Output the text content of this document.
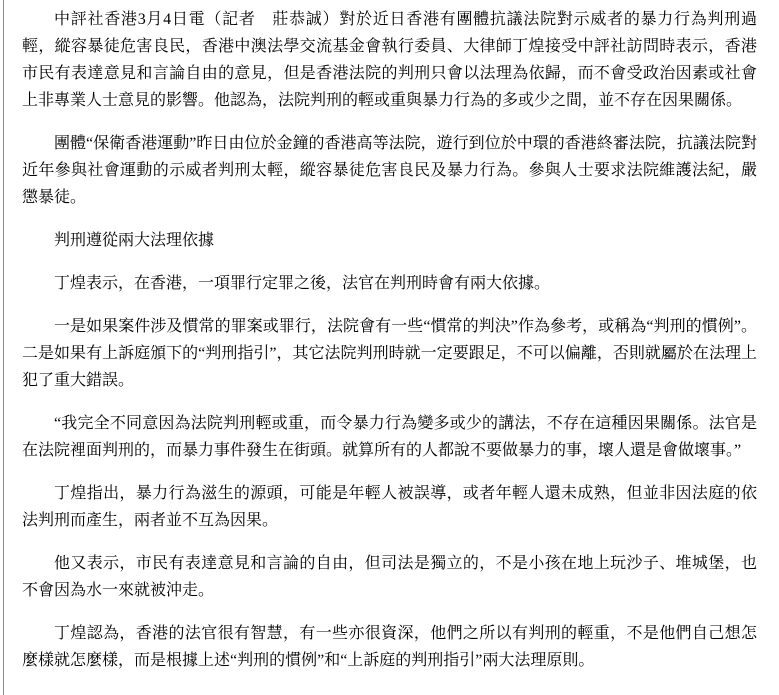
中評社香港3月4日電（記者　莊恭誠）對於近日香港有團體抗議法院對示威者的暴力行為判刑過輕，縱容暴徒危害良民，香港中澳法學交流基金會執行委員、大律師丁煌接受中評社訪問時表示，香港市民有表達意見和言論自由的意見，但是香港法院的判刑只會以法理為依歸，而不會受政治因素或社會上非專業人士意見的影響。他認為，法院判刑的輕或重與暴力行為的多或少之間，並不存在因果關係。

團體“保衛香港運動”昨日由位於金鐘的香港高等法院，遊行到位於中環的香港終審法院，抗議法院對近年參與社會運動的示威者判刑太輕，縱容暴徒危害良民及暴力行為。參與人士要求法院維護法紀，嚴懲暴徒。

判刑遵從兩大法理依據

丁煌表示，在香港，一項罪行定罪之後，法官在判刑時會有兩大依據。

一是如果案件涉及慣常的罪案或罪行，法院會有一些“慣常的判決”作為參考，或稱為“判刑的慣例”。二是如果有上訴庭頒下的“判刑指引”，其它法院判刑時就一定要跟足，不可以偏離，否則就屬於在法理上犯了重大錯誤。

“我完全不同意因為法院判刑輕或重，而令暴力行為變多或少的講法，不存在這種因果關係。法官是在法院裡面判刑的，而暴力事件發生在街頭。就算所有的人都說不要做暴力的事，壞人還是會做壞事。”

丁煌指出，暴力行為滋生的源頭，可能是年輕人被誤導，或者年輕人還未成熟，但並非因法庭的依法判刑而產生，兩者並不互為因果。

他又表示，市民有表達意見和言論的自由，但司法是獨立的，不是小孩在地上玩沙子、堆城堡，也不會因為水一來就被沖走。

丁煌認為，香港的法官很有智慧，有一些亦很資深，他們之所以有判刑的輕重，不是他們自己想怎麼樣就怎麼樣，而是根據上述“判刑的慣例”和“上訴庭的判刑指引”兩大法理原則。
